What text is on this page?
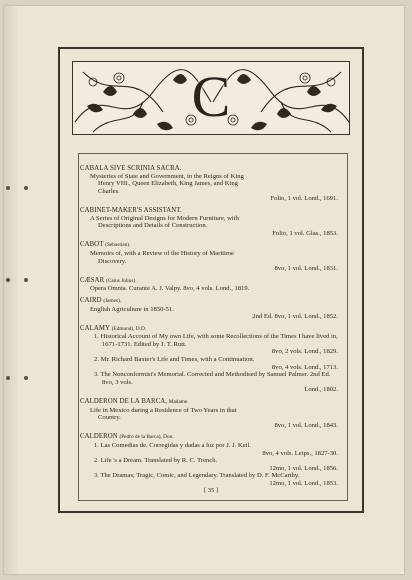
C
CABALA SIVE SCRINIA SACRA.
Mysteries of State and Government, in the Reigns of King
Henry VIII., Queen Elizabeth, King James, and King
Charles.
Folio, 1 vol. Lond., 1691.
CABINET-MAKER'S ASSISTANT.
A Series of Original Designs for Modern Furniture, with
Descriptions and Details of Construction.
Folio, 1 vol. Glas., 1853.
CABOT (Sebastian).
Memoirs of, with a Review of the History of Maritime
Discovery.
8vo, 1 vol. Lond., 1831.
CÆSAR (Caius Julius).
Opera Omnia. Curante A. J. Valpy. 8vo, 4 vols. Lond., 1819.
CAIRD (James).
English Agriculture in 1850-51.
2nd Ed. 8vo, 1 vol. Lond., 1852.
CALAMY (Edmund), D.D.
1. Historical Account of My own Life, with some Recollections of the Times I have lived in, 1671-1731. Edited by J. T. Rutt.
8vo, 2 vols. Lond., 1829.
2. Mr. Richard Baxter's Life and Times, with a Continuation.
8vo, 4 vols. Lond., 1713.
3. The Nonconformist's Memorial. Corrected and Methodised by Samuel Palmer. 2nd Ed. 8vo, 3 vols.
Lond., 1802.
CALDERON DE LA BARCA, Madame.
Life in Mexico during a Residence of Two Years in that
Country.
8vo, 1 vol. Lond., 1843.
CALDERON (Pedro de la Barca), Don.
1. Las Comedias de. Corregidas y dadas a luz por J. J. Keil.
8vo, 4 vols. Leips., 1827-30.
2. Life 's a Dream. Translated by R. C. Trench.
12mo, 1 vol. Lond., 1856.
3. The Dramas; Tragic, Comic, and Legendary. Translated by D. F. McCarthy.
12mo, 1 vol. Lond., 1853.
[ 35 ]
